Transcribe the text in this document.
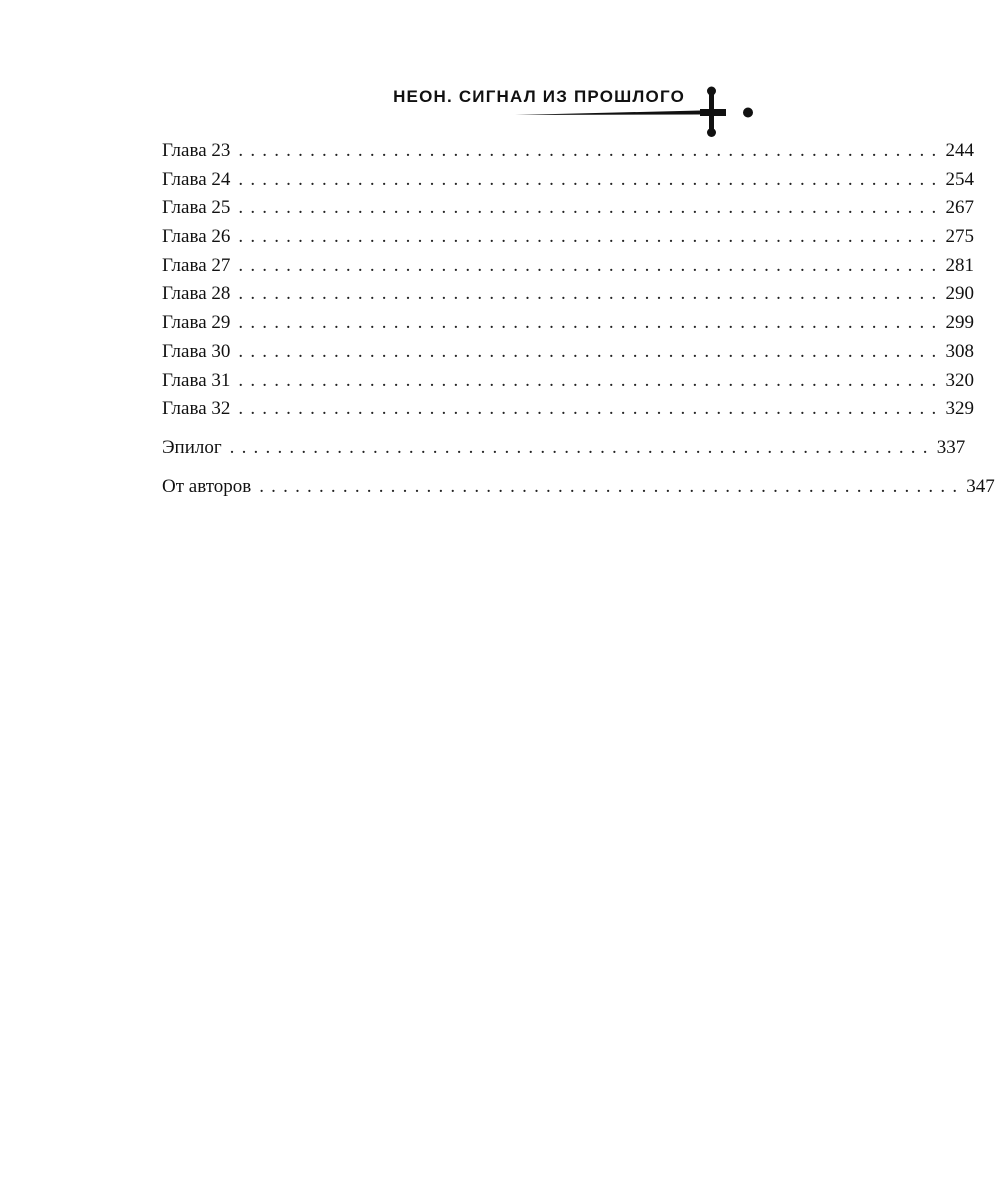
НЕОН. СИГНАЛ ИЗ ПРОШЛОГО
Глава 23 ........................................................... 244
Глава 24 ........................................................... 254
Глава 25 ........................................................... 267
Глава 26 ........................................................... 275
Глава 27 ........................................................... 281
Глава 28 ........................................................... 290
Глава 29 ........................................................... 299
Глава 30 ........................................................... 308
Глава 31 ........................................................... 320
Глава 32 ........................................................... 329
Эпилог ........................................................... 337
От авторов ........................................................... 347
